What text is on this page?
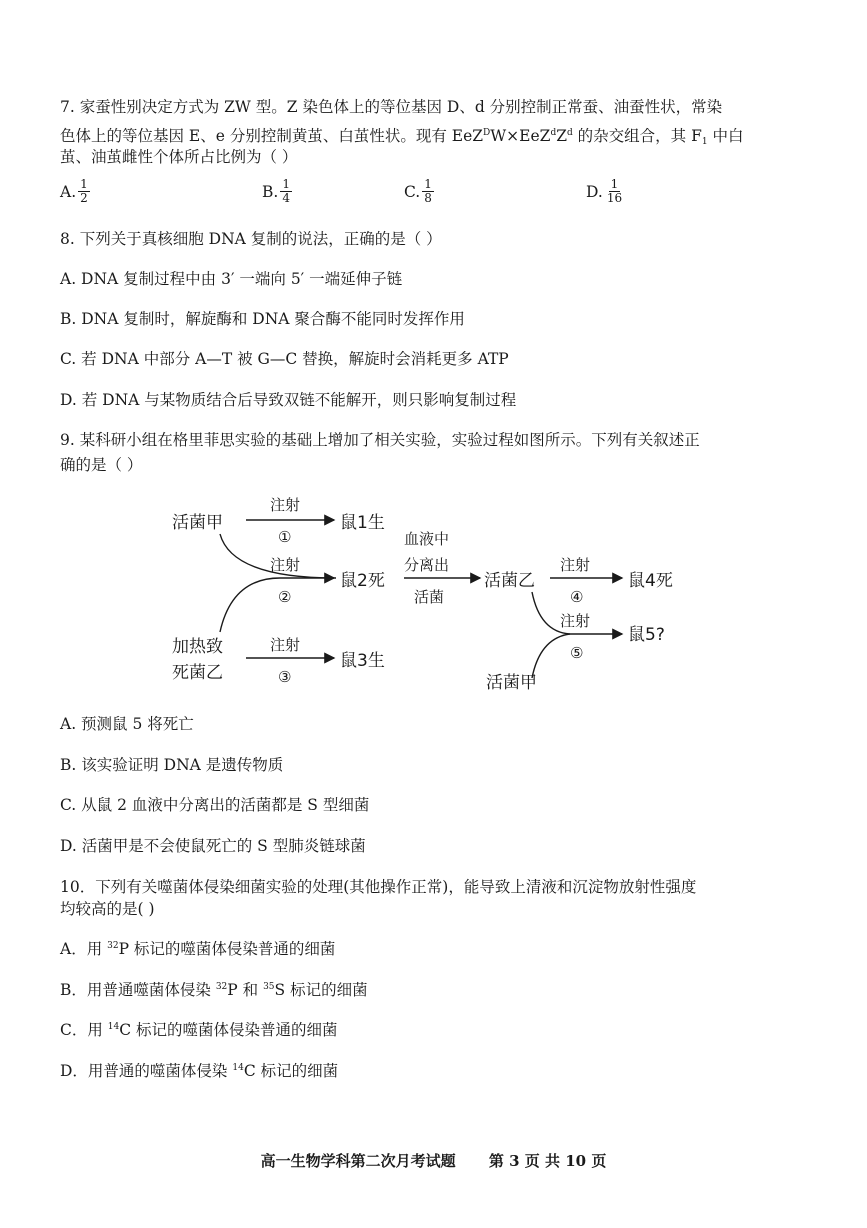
7. 家蚕性别决定方式为 ZW 型。Z 染色体上的等位基因 D、d 分别控制正常蚕、油蚕性状，常染
色体上的等位基因 E、e 分别控制黄茧、白茧性状。现有 $EeZ^DW\times EeZ^dZ^d$ 的杂交组合，其 $F_1$ 中白
茧、油茧雌性个体所占比例为（ ）
A. $\frac{1}{2}$	B. $\frac{1}{4}$	C. $\frac{1}{8}$	D. $\frac{1}{16}$
8. 下列关于真核细胞 DNA 复制的说法，正确的是（ ）
A. DNA 复制过程中由 3′ 一端向 5′ 一端延伸子链
B. DNA 复制时，解旋酶和 DNA 聚合酶不能同时发挥作用
C. 若 DNA 中部分 A—T 被 G—C 替换，解旋时会消耗更多 ATP
D. 若 DNA 与某物质结合后导致双链不能解开，则只影响复制过程
9. 某科研小组在格里菲思实验的基础上增加了相关实验，实验过程如图所示。下列有关叙述正
确的是（ ）
活菌甲
注射
①
鼠1生
注射
②
鼠2死
血液中
分离出
活菌
活菌乙
注射
④
鼠4死
注射
⑤
鼠5?
活菌甲
加热致
死菌乙
注射
③
鼠3生
A. 预测鼠 5 将死亡
B. 该实验证明 DNA 是遗传物质
C. 从鼠 2 血液中分离出的活菌都是 S 型细菌
D. 活菌甲是不会使鼠死亡的 S 型肺炎链球菌
10．下列有关噬菌体侵染细菌实验的处理(其他操作正常)，能导致上清液和沉淀物放射性强度
均较高的是( )
A．用 $^{32}$P 标记的噬菌体侵染普通的细菌
B．用普通噬菌体侵染 $^{32}$P 和 $^{35}$S 标记的细菌
C．用 $^{14}$C 标记的噬菌体侵染普通的细菌
D．用普通的噬菌体侵染 $^{14}$C 标记的细菌
高一生物学科第二次月考试题 第 3 页 共 10 页
